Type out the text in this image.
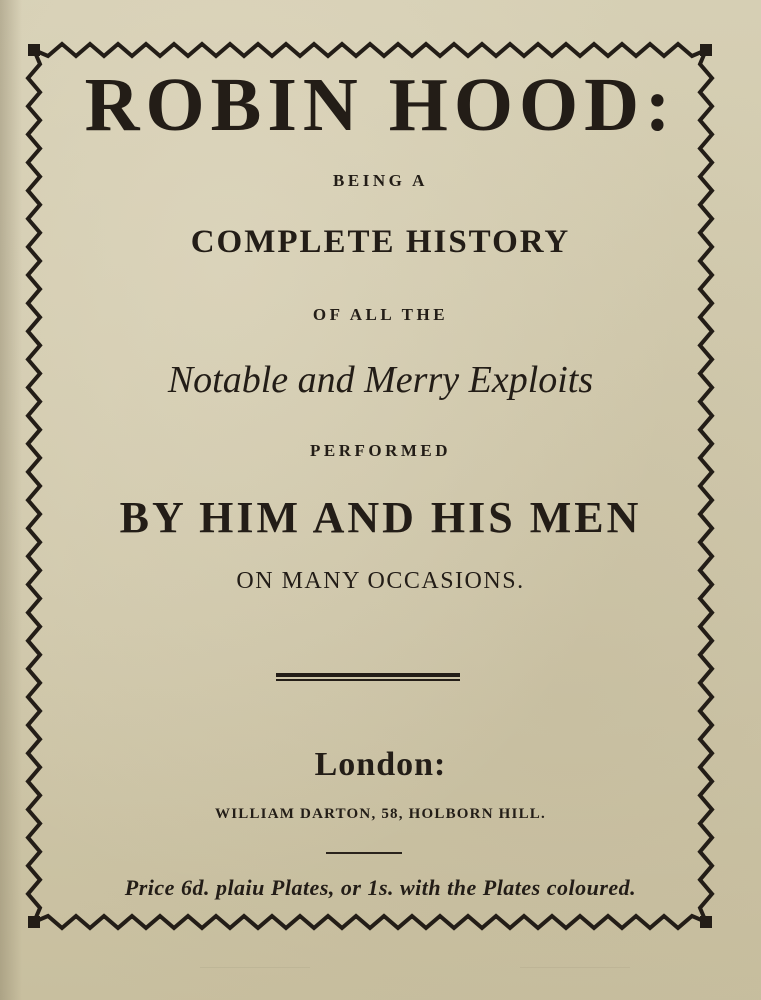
ROBIN HOOD:

BEING A

COMPLETE HISTORY

OF ALL THE

Notable and Merry Exploits

PERFORMED

BY HIM AND HIS MEN

ON MANY OCCASIONS.

London:

WILLIAM DARTON, 58, HOLBORN HILL.

Price 6d. plaiu Plates, or 1s. with the Plates coloured.
